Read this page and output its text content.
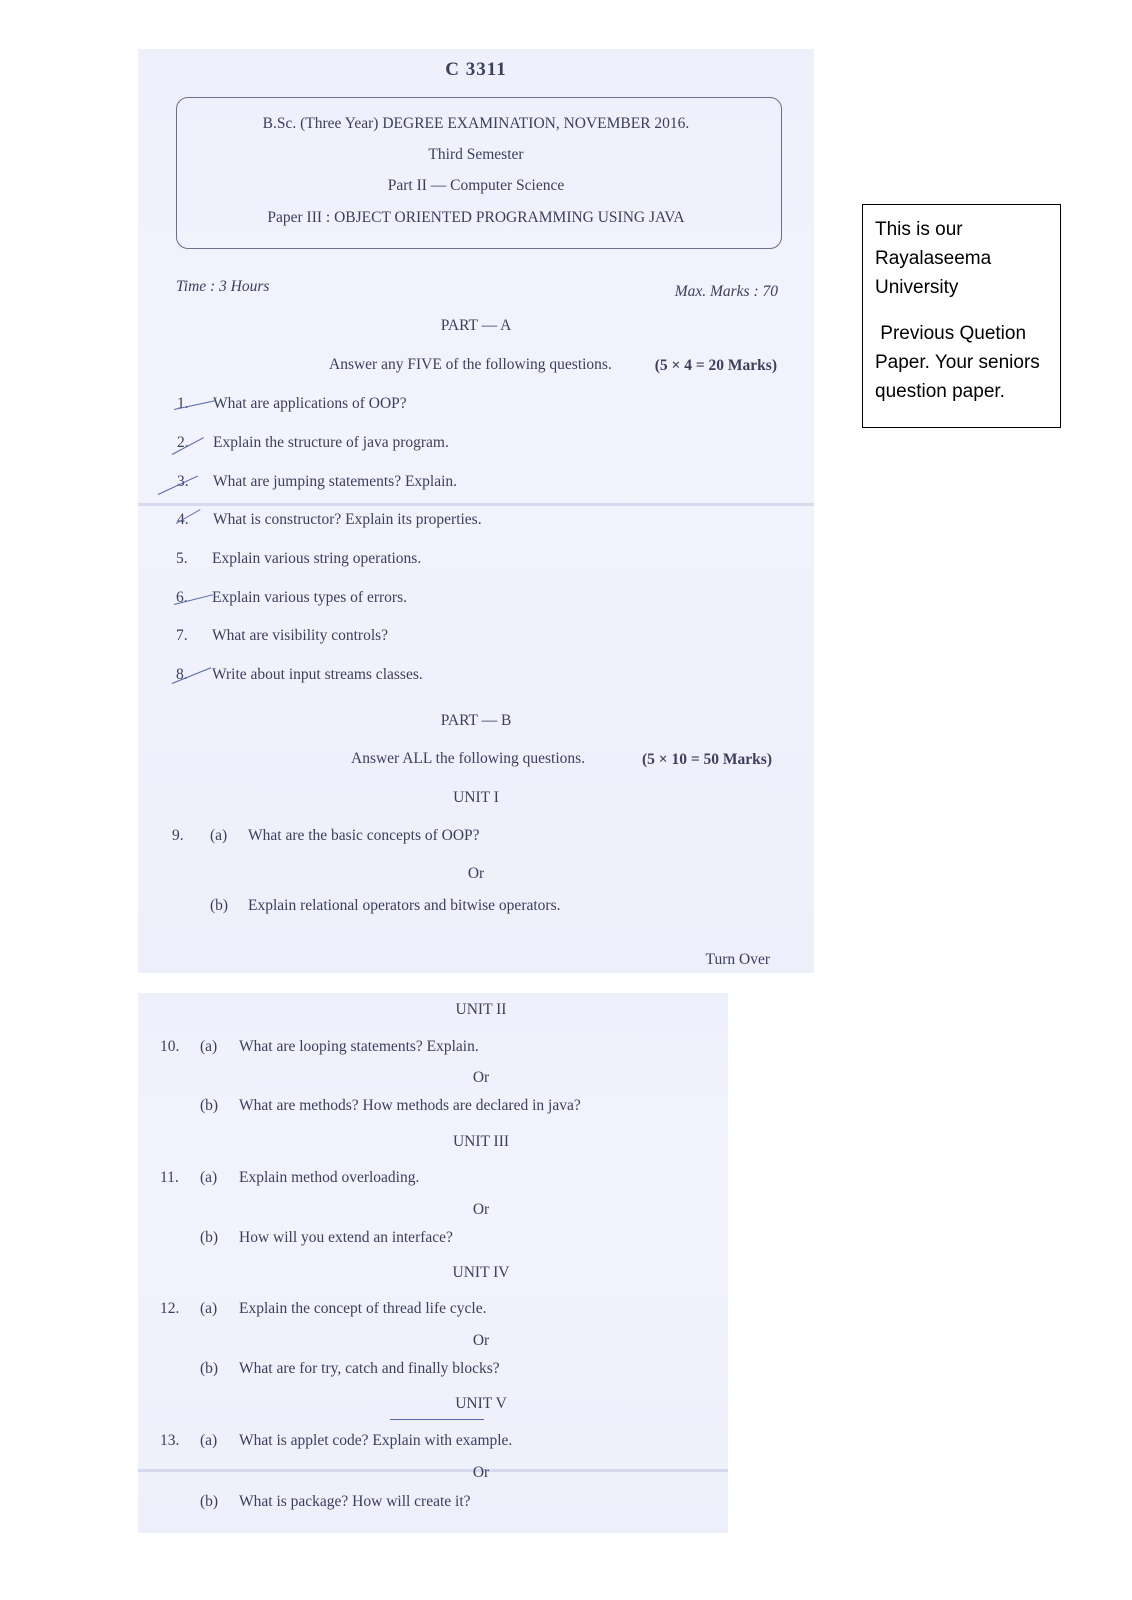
C 3311
B.Sc. (Three Year) DEGREE EXAMINATION, NOVEMBER 2016.
Third Semester
Part II — Computer Science
Paper III : OBJECT ORIENTED PROGRAMMING USING JAVA
Time : 3 Hours	Max. Marks : 70
PART — A
Answer any FIVE of the following questions.	(5 × 4 = 20 Marks)
1. What are applications of OOP?
2. Explain the structure of java program.
3. What are jumping statements? Explain.
4. What is constructor? Explain its properties.
5. Explain various string operations.
6. Explain various types of errors.
7. What are visibility controls?
8. Write about input streams classes.
PART — B
Answer ALL the following questions.	(5 × 10 = 50 Marks)
UNIT I
9. (a) What are the basic concepts of OOP?
Or
(b) Explain relational operators and bitwise operators.
Turn Over
UNIT II
10. (a) What are looping statements? Explain.
Or
(b) What are methods? How methods are declared in java?
UNIT III
11. (a) Explain method overloading.
Or
(b) How will you extend an interface?
UNIT IV
12. (a) Explain the concept of thread life cycle.
Or
(b) What are for try, catch and finally blocks?
UNIT V
13. (a) What is applet code? Explain with example.
Or
(b) What is package? How will create it?

This is our
Rayalaseema
University

Previous Quetion
Paper. Your seniors
question paper.
